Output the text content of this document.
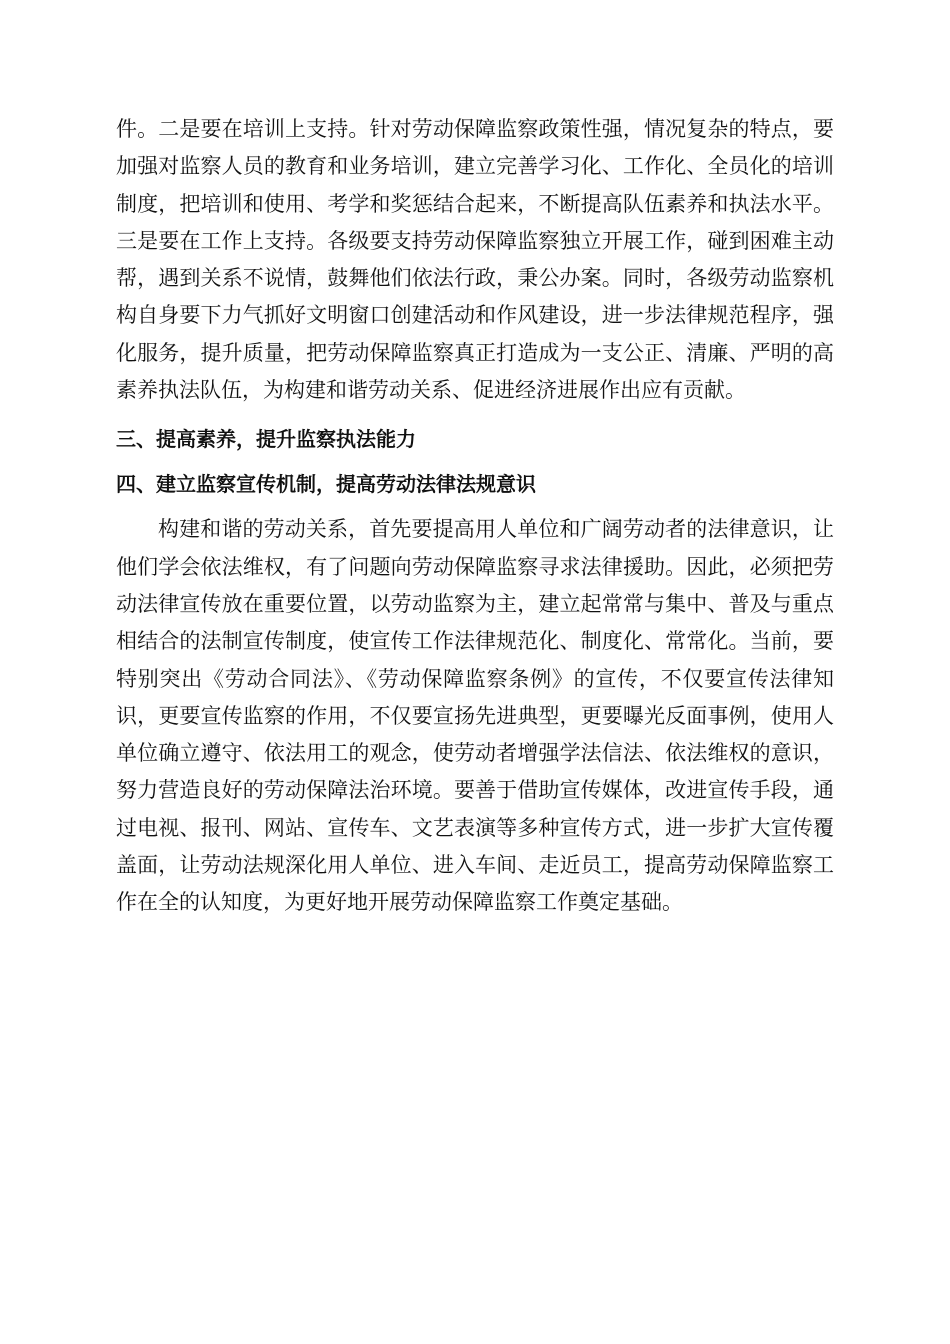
件。二是要在培训上支持。针对劳动保障监察政策性强，情况复杂的特点，要加强对监察人员的教育和业务培训，建立完善学习化、工作化、全员化的培训制度，把培训和使用、考学和奖惩结合起来，不断提高队伍素养和执法水平。三是要在工作上支持。各级要支持劳动保障监察独立开展工作，碰到困难主动帮，遇到关系不说情，鼓舞他们依法行政，秉公办案。同时，各级劳动监察机构自身要下力气抓好文明窗口创建活动和作风建设，进一步法律规范程序，强化服务，提升质量，把劳动保障监察真正打造成为一支公正、清廉、严明的高素养执法队伍，为构建和谐劳动关系、促进经济进展作出应有贡献。

三、提高素养，提升监察执法能力

四、建立监察宣传机制，提高劳动法律法规意识

构建和谐的劳动关系，首先要提高用人单位和广阔劳动者的法律意识，让他们学会依法维权，有了问题向劳动保障监察寻求法律援助。因此，必须把劳动法律宣传放在重要位置，以劳动监察为主，建立起常常与集中、普及与重点相结合的法制宣传制度，使宣传工作法律规范化、制度化、常常化。当前，要特别突出《劳动合同法》、《劳动保障监察条例》的宣传，不仅要宣传法律知识，更要宣传监察的作用，不仅要宣扬先进典型，更要曝光反面事例，使用人单位确立遵守、依法用工的观念，使劳动者增强学法信法、依法维权的意识，努力营造良好的劳动保障法治环境。要善于借助宣传媒体，改进宣传手段，通过电视、报刊、网站、宣传车、文艺表演等多种宣传方式，进一步扩大宣传覆盖面，让劳动法规深化用人单位、进入车间、走近员工，提高劳动保障监察工作在全的认知度，为更好地开展劳动保障监察工作奠定基础。
